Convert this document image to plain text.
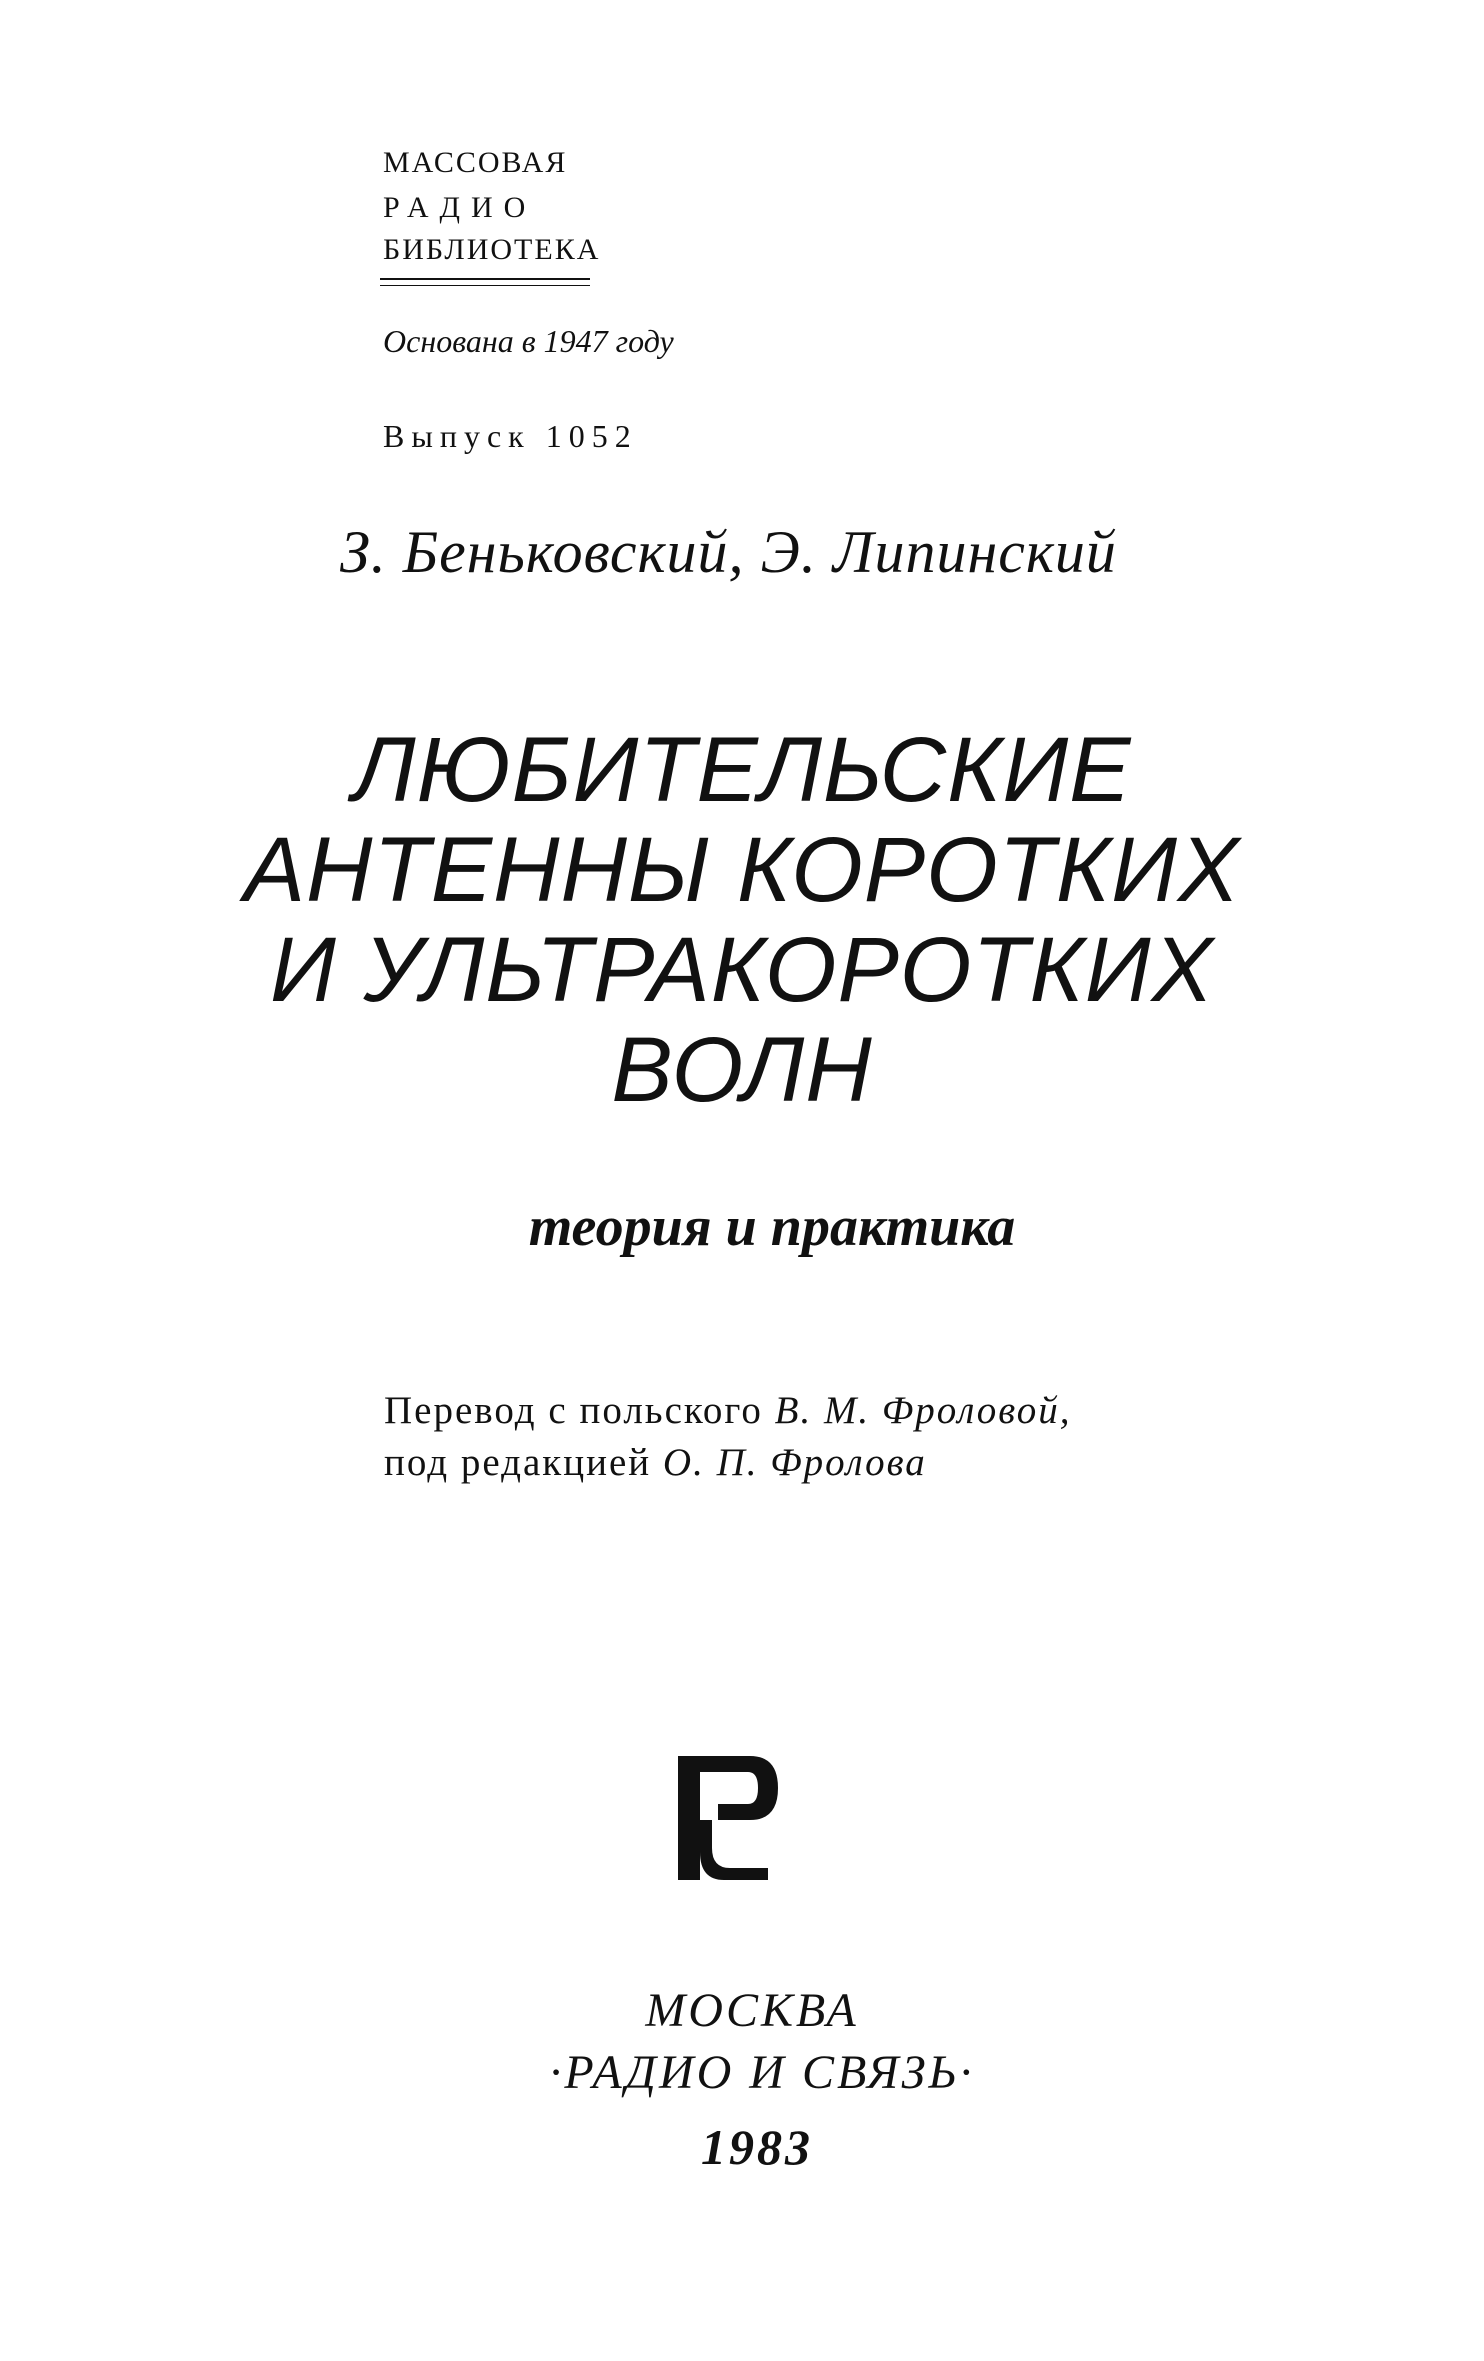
МАССОВАЯ
РАДИО
БИБЛИОТЕКА
Основана в 1947 году
Выпуск 1052
З. Беньковский, Э. Липинский
ЛЮБИТЕЛЬСКИЕ
АНТЕННЫ КОРОТКИХ
И УЛЬТРАКОРОТКИХ
ВОЛН
теория и практика
Перевод с польского В. М. Фроловой,
под редакцией О. П. Фролова
МОСКВА
·РАДИО И СВЯЗЬ·
1983
